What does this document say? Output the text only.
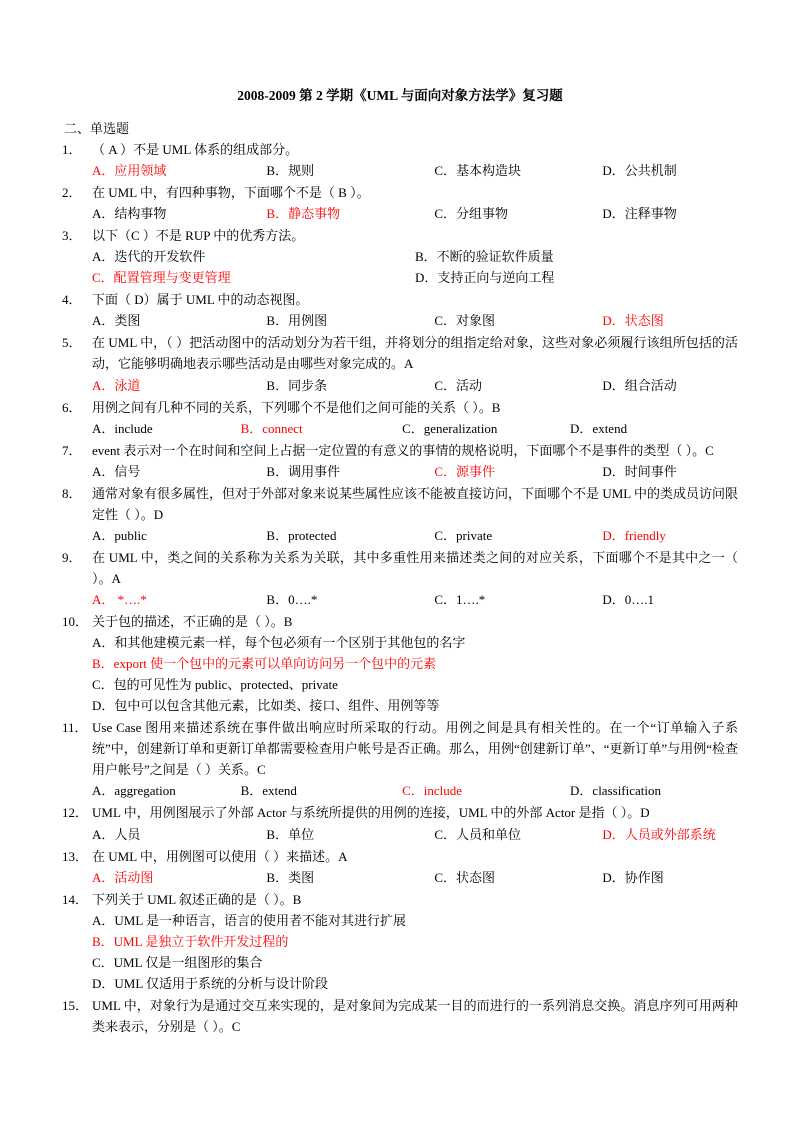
2008-2009 第 2 学期《UML 与面向对象方法学》复习题
二、单选题
1． （ A ）不是 UML 体系的组成部分。

A．应用领域	B．规则	C．基本构造块	D．公共机制
2． 在 UML 中，有四种事物，下面哪个不是（ B ）。

A．结构事物	B．静态事物	C．分组事物	D．注释事物
3． 以下（C ）不是 RUP 中的优秀方法。

A．迭代的开发软件	B．不断的验证软件质量
C．配置管理与变更管理	D．支持正向与逆向工程
4． 下面（ D）属于 UML 中的动态视图。

A．类图	B．用例图	C．对象图	D．状态图
5． 在 UML 中，（ ）把活动图中的活动划分为若干组，并将划分的组指定给对象，这些对象必须履行该组所包括的活动，它能够明确地表示哪些活动是由哪些对象完成的。A

A．泳道	B．同步条	C．活动	D．组合活动
6． 用例之间有几种不同的关系，下列哪个不是他们之间可能的关系（ ）。B

A．include	B．connect	C．generalization	D．extend
7． event 表示对一个在时间和空间上占据一定位置的有意义的事情的规格说明，下面哪个不是事件的类型（ ）。C

A．信号	B．调用事件	C．源事件	D．时间事件
8． 通常对象有很多属性，但对于外部对象来说某些属性应该不能被直接访问，下面哪个不是 UML 中的类成员访问限定性（ ）。D

A．public	B．protected	C．private	D．friendly
9． 在 UML 中，类之间的关系称为关系为关联，其中多重性用来描述类之间的对应关系，下面哪个不是其中之一（ ）。A

A． *….*	B．0….*	C．1….*	D．0….1
10． 关于包的描述，不正确的是（ ）。B

A．和其他建模元素一样，每个包必须有一个区别于其他包的名字

B．export 使一个包中的元素可以单向访问另一个包中的元素

C．包的可见性为 public、protected、private

D．包中可以包含其他元素，比如类、接口、组件、用例等等

11． Use Case 图用来描述系统在事件做出响应时所采取的行动。用例之间是具有相关性的。在一个“订单输入子系统”中，创建新订单和更新订单都需要检查用户帐号是否正确。那么，用例“创建新订单”、“更新订单”与用例“检查用户帐号”之间是（ ）关系。C

A．aggregation	B．extend	C．include	D．classification
12． UML 中，用例图展示了外部 Actor 与系统所提供的用例的连接，UML 中的外部 Actor 是指（ ）。D

A．人员	B．单位	C．人员和单位	D．人员或外部系统
13． 在 UML 中，用例图可以使用（ ）来描述。A

A．活动图	B．类图	C．状态图	D．协作图
14． 下列关于 UML 叙述正确的是（ ）。B

A．UML 是一种语言，语言的使用者不能对其进行扩展

B．UML 是独立于软件开发过程的

C．UML 仅是一组图形的集合

D．UML 仅适用于系统的分析与设计阶段

15． UML 中，对象行为是通过交互来实现的，是对象间为完成某一目的而进行的一系列消息交换。消息序列可用两种类来表示，分别是（ ）。C
